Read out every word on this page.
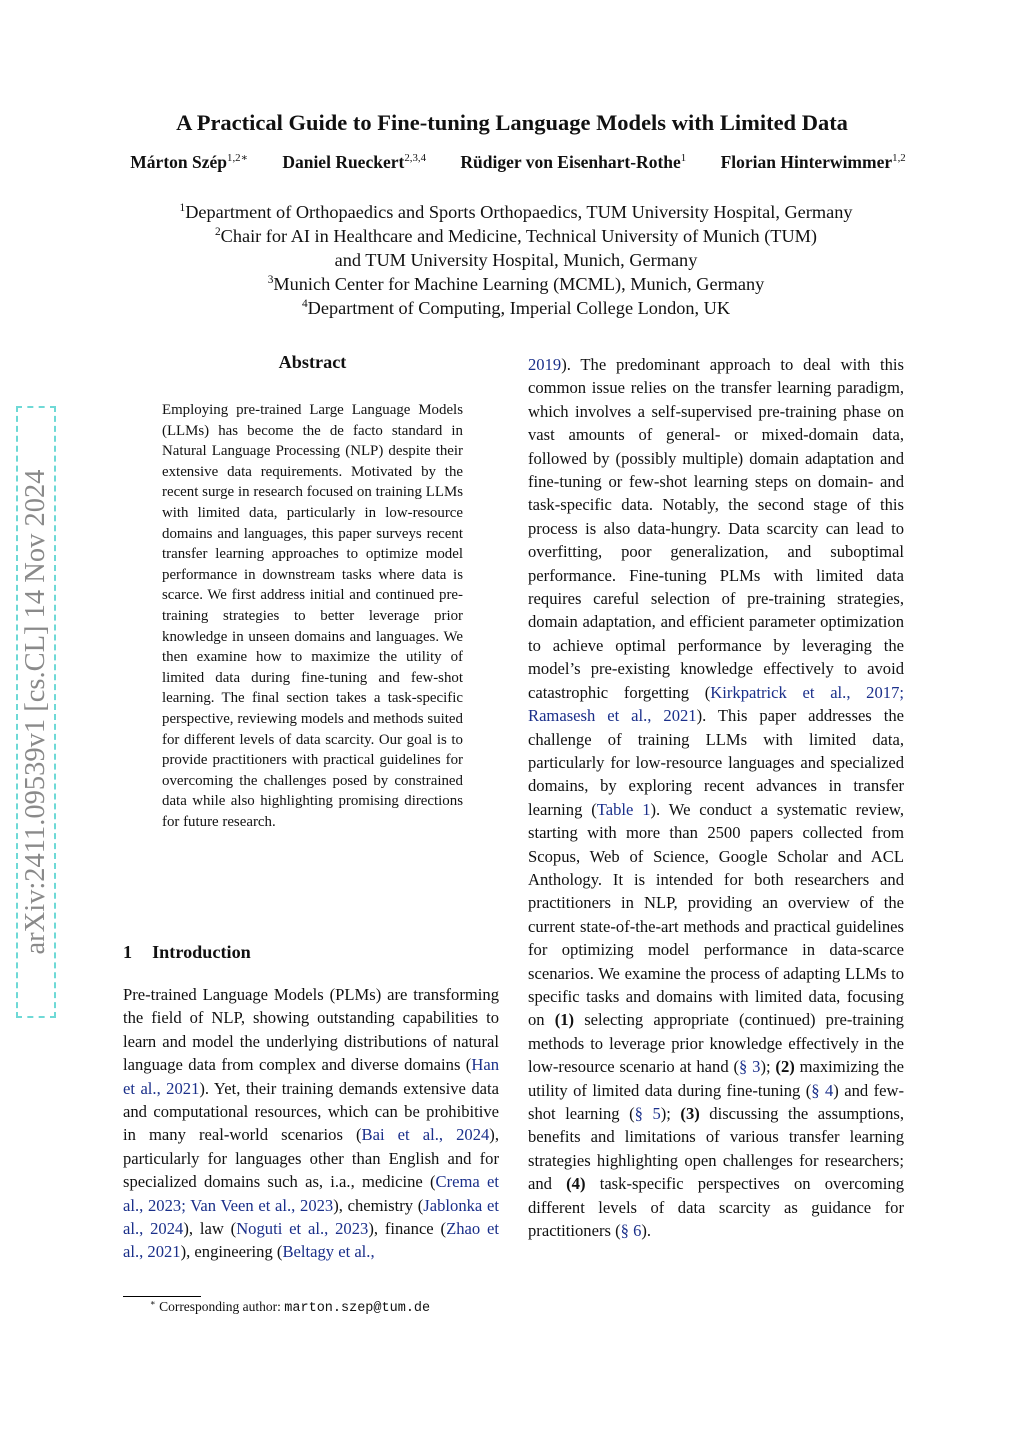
arXiv:2411.09539v1 [cs.CL] 14 Nov 2024
A Practical Guide to Fine-tuning Language Models with Limited Data
Márton Szép$^{1,2∗}$ Daniel Rueckert$^{2,3,4}$ Rüdiger von Eisenhart-Rothe$^1$ Florian Hinterwimmer$^{1,2}$
$^1$Department of Orthopaedics and Sports Orthopaedics, TUM University Hospital, Germany
$^2$Chair for AI in Healthcare and Medicine, Technical University of Munich (TUM)
and TUM University Hospital, Munich, Germany
$^3$Munich Center for Machine Learning (MCML), Munich, Germany
$^4$Department of Computing, Imperial College London, UK
Abstract
Employing pre-trained Large Language Models (LLMs) has become the de facto standard in Natural Language Processing (NLP) despite their extensive data requirements. Motivated by the recent surge in research focused on training LLMs with limited data, particularly in low-resource domains and languages, this paper surveys recent transfer learning approaches to optimize model performance in downstream tasks where data is scarce. We first address initial and continued pre-training strategies to better leverage prior knowledge in unseen domains and languages. We then examine how to maximize the utility of limited data during fine-tuning and few-shot learning. The final section takes a task-specific perspective, reviewing models and methods suited for different levels of data scarcity. Our goal is to provide practitioners with practical guidelines for overcoming the challenges posed by constrained data while also highlighting promising directions for future research.
1 Introduction

Pre-trained Language Models (PLMs) are transforming the field of NLP, showing outstanding capabilities to learn and model the underlying distributions of natural language data from complex and diverse domains (Han et al., 2021). Yet, their training demands extensive data and computational resources, which can be prohibitive in many real-world scenarios (Bai et al., 2024), particularly for languages other than English and for specialized domains such as, i.a., medicine (Crema et al., 2023; Van Veen et al., 2023), chemistry (Jablonka et al., 2024), law (Noguti et al., 2023), finance (Zhao et al., 2021), engineering (Beltagy et al.,

∗ Corresponding author: marton.szep@tum.de

2019). The predominant approach to deal with this common issue relies on the transfer learning paradigm, which involves a self-supervised pre-training phase on vast amounts of general- or mixed-domain data, followed by (possibly multiple) domain adaptation and fine-tuning or few-shot learning steps on domain- and task-specific data. Notably, the second stage of this process is also data-hungry. Data scarcity can lead to overfitting, poor generalization, and suboptimal performance. Fine-tuning PLMs with limited data requires careful selection of pre-training strategies, domain adaptation, and efficient parameter optimization to achieve optimal performance by leveraging the model’s pre-existing knowledge effectively to avoid catastrophic forgetting (Kirkpatrick et al., 2017; Ramasesh et al., 2021). This paper addresses the challenge of training LLMs with limited data, particularly for low-resource languages and specialized domains, by exploring recent advances in transfer learning (Table 1). We conduct a systematic review, starting with more than 2500 papers collected from Scopus, Web of Science, Google Scholar and ACL Anthology. It is intended for both researchers and practitioners in NLP, providing an overview of the current state-of-the-art methods and practical guidelines for optimizing model performance in data-scarce scenarios. We examine the process of adapting LLMs to specific tasks and domains with limited data, focusing on (1) selecting appropriate (continued) pre-training methods to leverage prior knowledge effectively in the low-resource scenario at hand (§ 3); (2) maximizing the utility of limited data during fine-tuning (§ 4) and few-shot learning (§ 5); (3) discussing the assumptions, benefits and limitations of various transfer learning strategies highlighting open challenges for researchers; and (4) task-specific perspectives on overcoming different levels of data scarcity as guidance for practitioners (§ 6).
